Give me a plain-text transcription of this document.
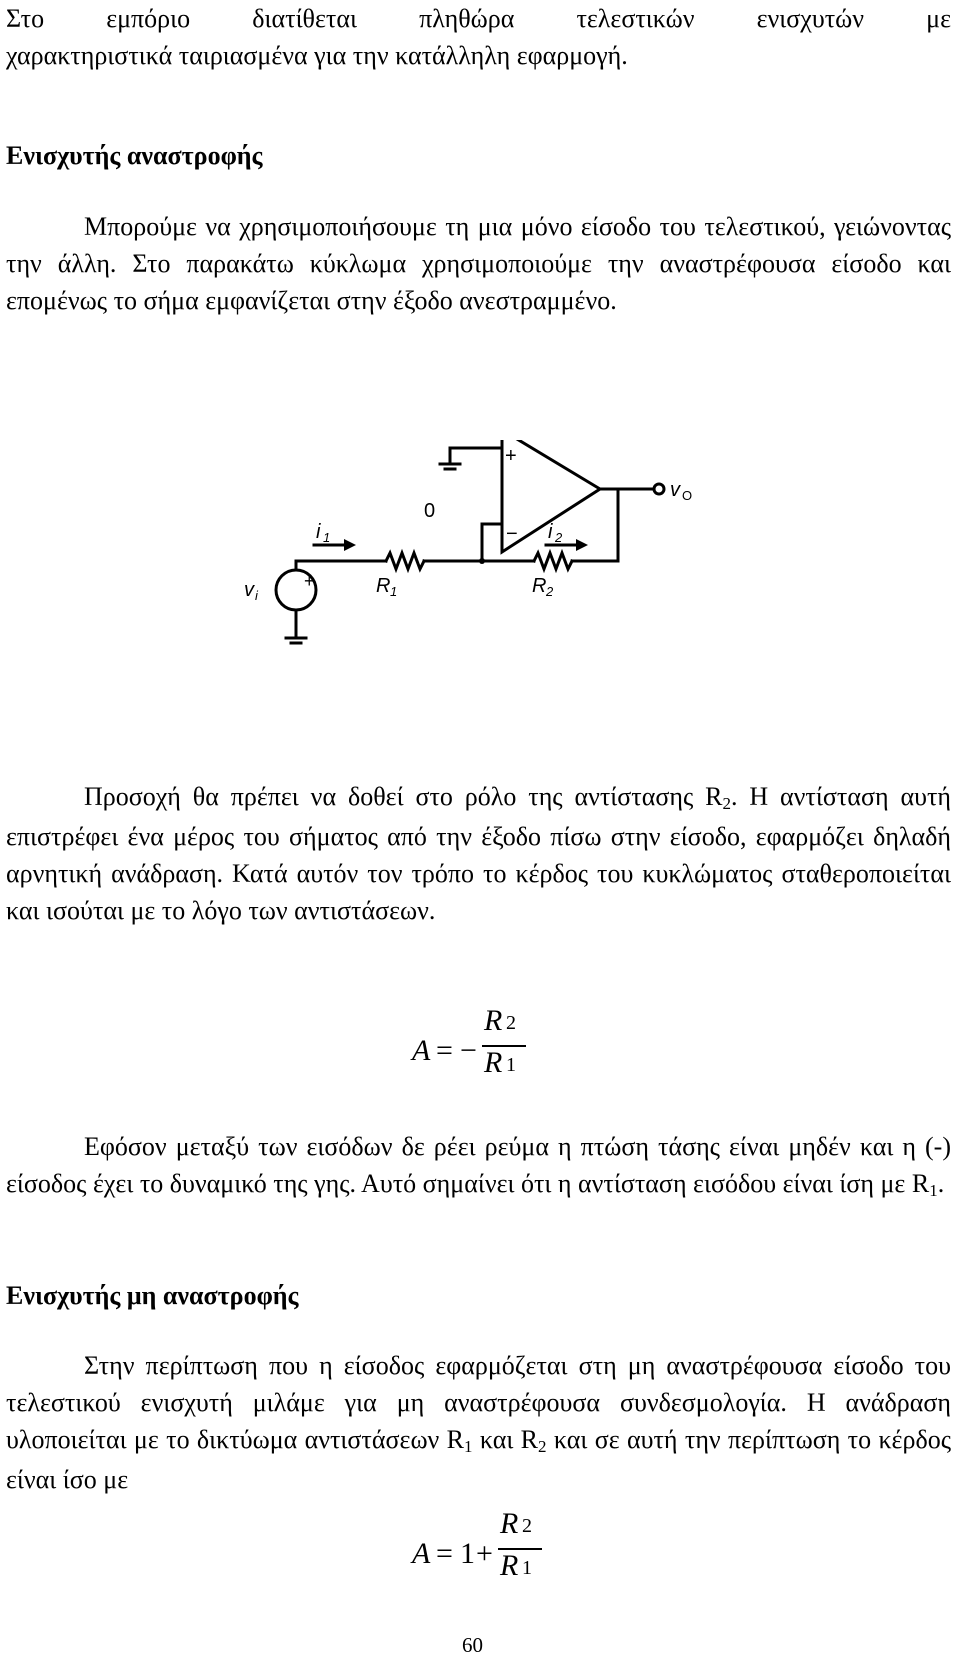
Στο εμπόριο διατίθεται πληθώρα τελεστικών ενισχυτών με

χαρακτηριστικά ταιριασμένα για την κατάλληλη εφαρμογή.

Ενισχυτής αναστροφής

Μπορούμε να χρησιμοποιήσουμε τη μια μόνο είσοδο του τελεστικού, γειώνοντας την άλλη. Στο παρακάτω κύκλωμα χρησιμοποιούμε την αναστρέφουσα είσοδο και επομένως το σήμα εμφανίζεται στην έξοδο ανεστραμμένο.

+
−
0
+
v O
v i
i 1	i 2
R 1	R 2

Προσοχή θα πρέπει να δοθεί στο ρόλο της αντίστασης R2. Η αντίσταση αυτή επιστρέφει ένα μέρος του σήματος από την έξοδο πίσω στην είσοδο, εφαρμόζει δηλαδή αρνητική ανάδραση. Κατά αυτόν τον τρόπο το κέρδος του κυκλώματος σταθεροποιείται και ισούται με το λόγο των αντιστάσεων.

A = −
R 2
R 1

Εφόσον μεταξύ των εισόδων δε ρέει ρεύμα η πτώση τάσης είναι μηδέν και η (-) είσοδος έχει το δυναμικό της γης. Αυτό σημαίνει ότι η αντίσταση εισόδου είναι ίση με R1.

Ενισχυτής μη αναστροφής

Στην περίπτωση που η είσοδος εφαρμόζεται στη μη αναστρέφουσα είσοδο του τελεστικού ενισχυτή μιλάμε για μη αναστρέφουσα συνδεσμολογία. Η ανάδραση υλοποιείται με το δικτύωμα αντιστάσεων R1 και R2 και σε αυτή την περίπτωση το κέρδος είναι ίσο με

A = 1 +
R 2
R 1
60
